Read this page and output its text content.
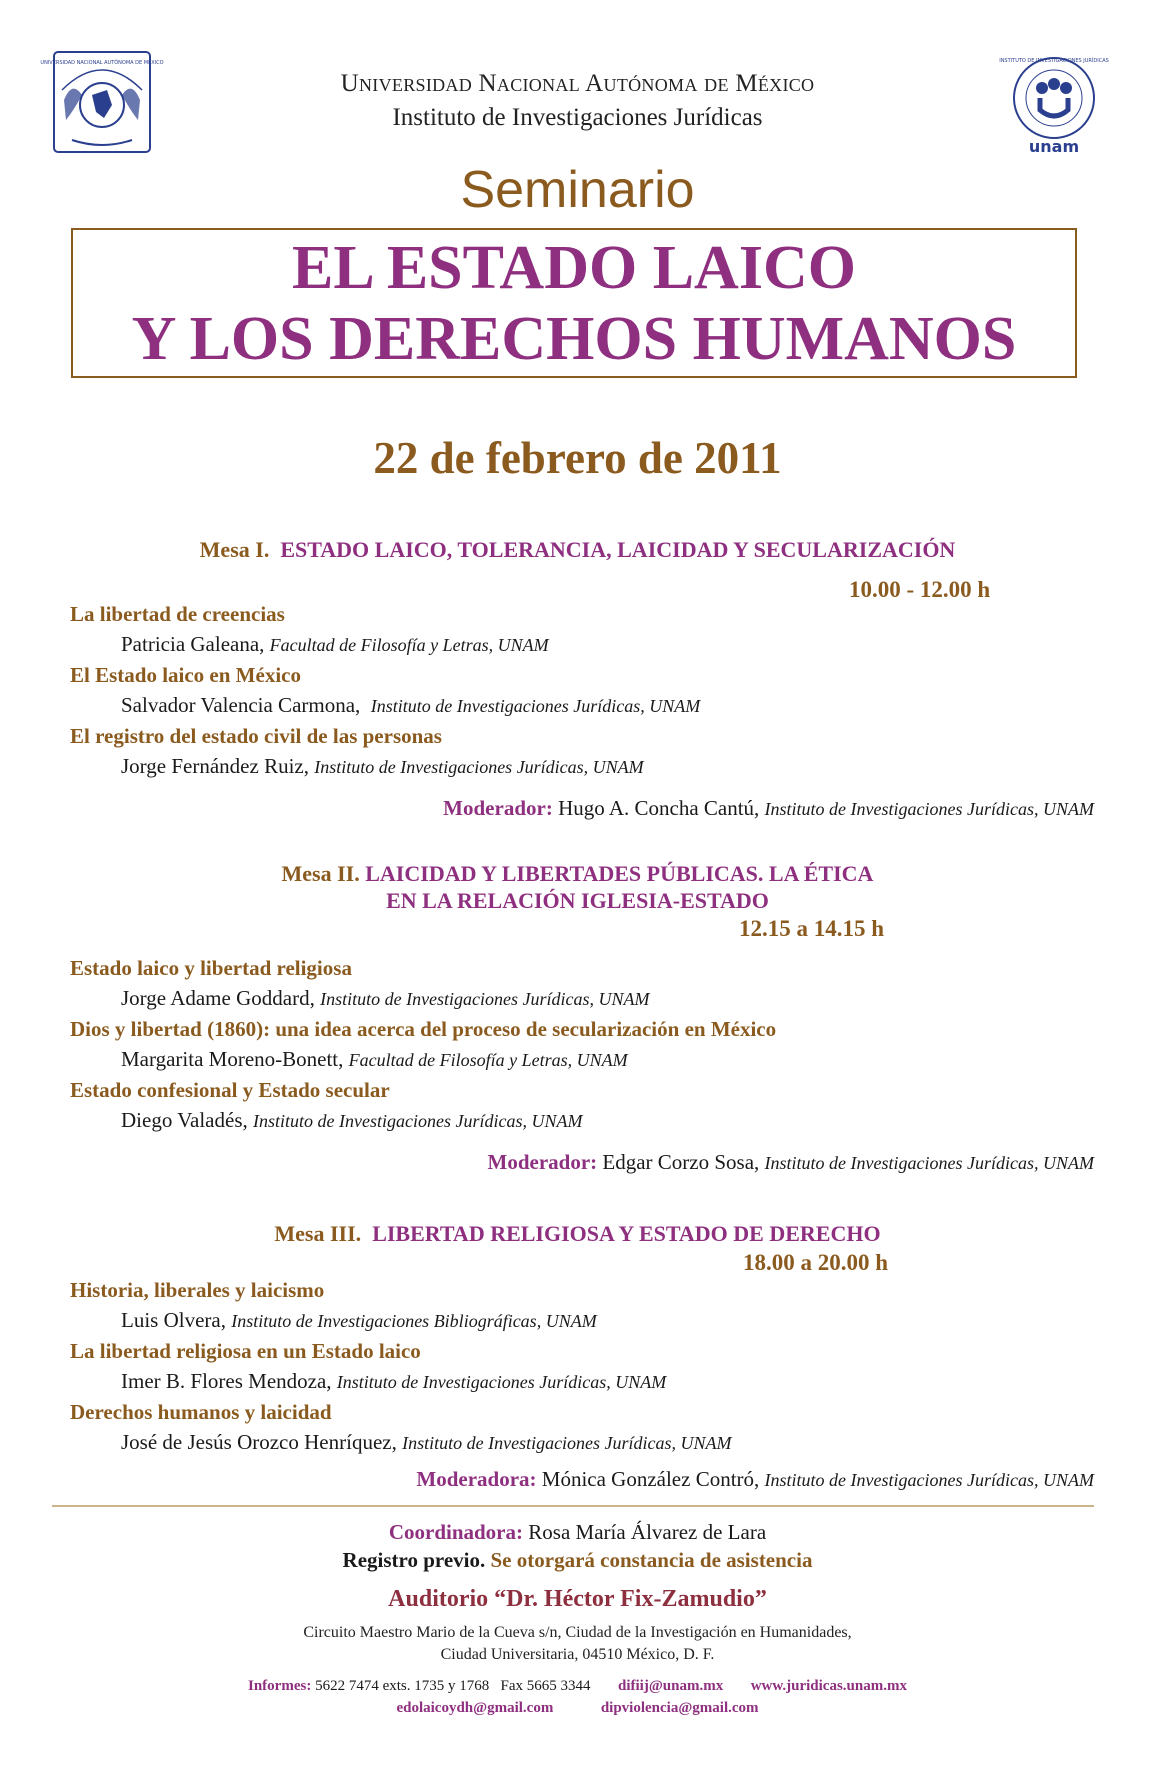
UNIVERSIDAD NACIONAL AUTÓNOMA DE MÉXICO	INSTITUTO DE INVESTIGACIONES JURÍDICAS
unam
Universidad Nacional Autónoma de México
Instituto de Investigaciones Jurídicas
Seminario
EL ESTADO LAICO
Y LOS DERECHOS HUMANOS
22 de febrero de 2011
Mesa I. ESTADO LAICO, TOLERANCIA, LAICIDAD Y SECULARIZACIÓN
10.00 - 12.00 h
La libertad de creencias
Patricia Galeana, Facultad de Filosofía y Letras, UNAM
El Estado laico en México
Salvador Valencia Carmona, Instituto de Investigaciones Jurídicas, UNAM
El registro del estado civil de las personas
Jorge Fernández Ruiz, Instituto de Investigaciones Jurídicas, UNAM
Moderador: Hugo A. Concha Cantú, Instituto de Investigaciones Jurídicas, UNAM
Mesa II. LAICIDAD Y LIBERTADES PÚBLICAS. LA ÉTICA
EN LA RELACIÓN IGLESIA-ESTADO
12.15 a 14.15 h
Estado laico y libertad religiosa
Jorge Adame Goddard, Instituto de Investigaciones Jurídicas, UNAM
Dios y libertad (1860): una idea acerca del proceso de secularización en México
Margarita Moreno-Bonett, Facultad de Filosofía y Letras, UNAM
Estado confesional y Estado secular
Diego Valadés, Instituto de Investigaciones Jurídicas, UNAM
Moderador: Edgar Corzo Sosa, Instituto de Investigaciones Jurídicas, UNAM
Mesa III. LIBERTAD RELIGIOSA Y ESTADO DE DERECHO
18.00 a 20.00 h
Historia, liberales y laicismo
Luis Olvera, Instituto de Investigaciones Bibliográficas, UNAM
La libertad religiosa en un Estado laico
Imer B. Flores Mendoza, Instituto de Investigaciones Jurídicas, UNAM
Derechos humanos y laicidad
José de Jesús Orozco Henríquez, Instituto de Investigaciones Jurídicas, UNAM
Moderadora: Mónica González Contró, Instituto de Investigaciones Jurídicas, UNAM
Coordinadora: Rosa María Álvarez de Lara
Registro previo. Se otorgará constancia de asistencia
Auditorio “Dr. Héctor Fix-Zamudio”
Circuito Maestro Mario de la Cueva s/n, Ciudad de la Investigación en Humanidades,
Ciudad Universitaria, 04510 México, D. F.
Informes: 5622 7474 exts. 1735 y 1768 Fax 5665 3344 difiij@unam.mx www.juridicas.unam.mx
edolaicoydh@gmail.com	dipviolencia@gmail.com
